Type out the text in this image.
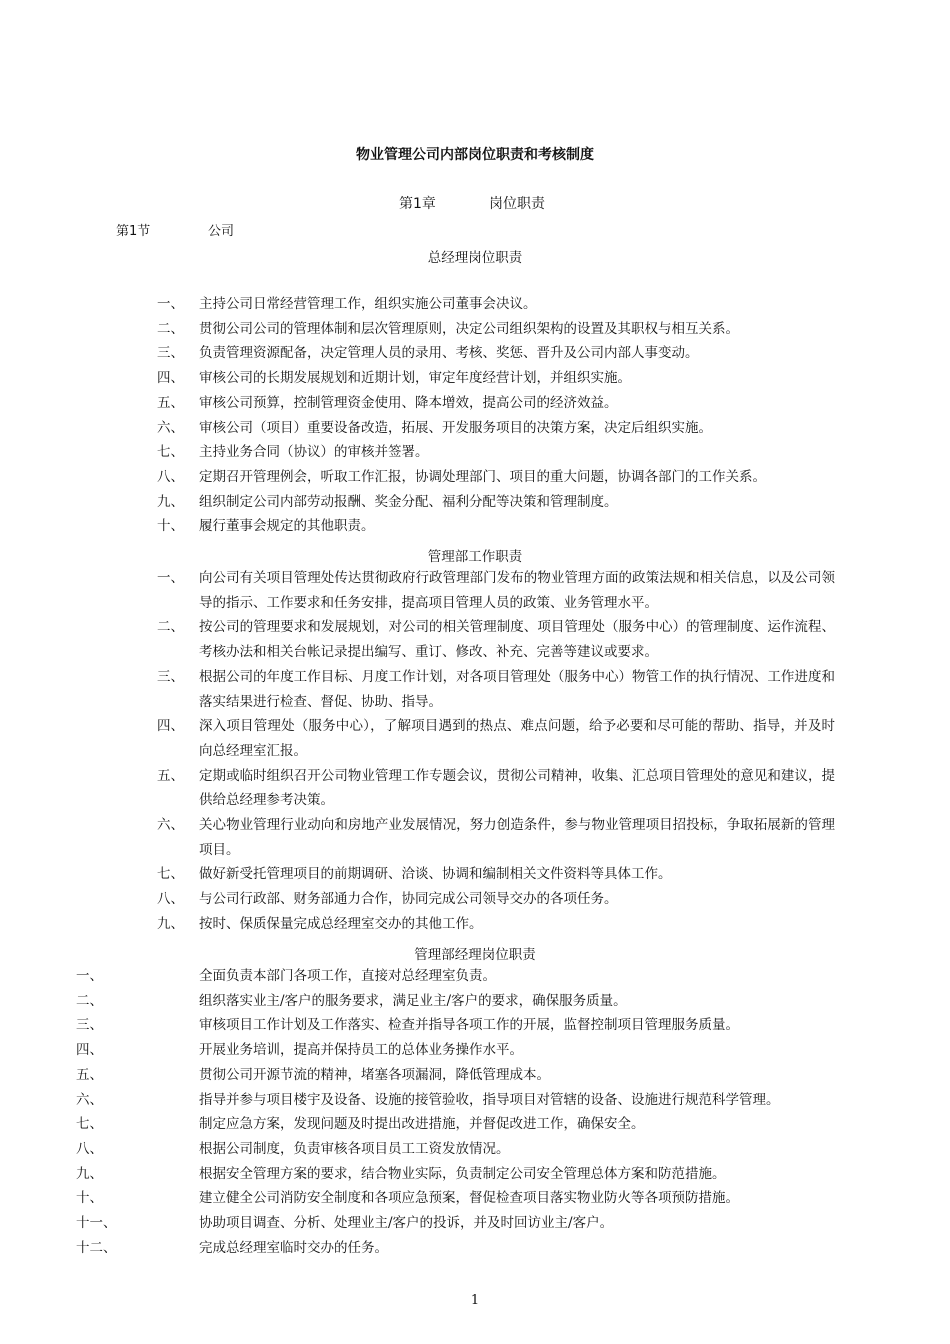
物业管理公司内部岗位职责和考核制度
第1章	岗位职责
第1节	公司
总经理岗位职责
一、 主持公司日常经营管理工作，组织实施公司董事会决议。
二、 贯彻公司公司的管理体制和层次管理原则，决定公司组织架构的设置及其职权与相互关系。
三、 负责管理资源配备，决定管理人员的录用、考核、奖惩、晋升及公司内部人事变动。
四、 审核公司的长期发展规划和近期计划，审定年度经营计划，并组织实施。
五、 审核公司预算，控制管理资金使用、降本增效，提高公司的经济效益。
六、 审核公司（项目）重要设备改造，拓展、开发服务项目的决策方案，决定后组织实施。
七、 主持业务合同（协议）的审核并签署。
八、 定期召开管理例会，听取工作汇报，协调处理部门、项目的重大问题，协调各部门的工作关系。
九、 组织制定公司内部劳动报酬、奖金分配、福利分配等决策和管理制度。
十、 履行董事会规定的其他职责。
管理部工作职责
一、 向公司有关项目管理处传达贯彻政府行政管理部门发布的物业管理方面的政策法规和相关信息，以及公司领导的指示、工作要求和任务安排，提高项目管理人员的政策、业务管理水平。
二、 按公司的管理要求和发展规划，对公司的相关管理制度、项目管理处（服务中心）的管理制度、运作流程、考核办法和相关台帐记录提出编写、重订、修改、补充、完善等建议或要求。
三、 根据公司的年度工作目标、月度工作计划，对各项目管理处（服务中心）物管工作的执行情况、工作进度和落实结果进行检查、督促、协助、指导。
四、 深入项目管理处（服务中心），了解项目遇到的热点、难点问题，给予必要和尽可能的帮助、指导，并及时向总经理室汇报。
五、 定期或临时组织召开公司物业管理工作专题会议，贯彻公司精神，收集、汇总项目管理处的意见和建议，提供给总经理参考决策。
六、 关心物业管理行业动向和房地产业发展情况，努力创造条件，参与物业管理项目招投标，争取拓展新的管理项目。
七、 做好新受托管理项目的前期调研、洽谈、协调和编制相关文件资料等具体工作。
八、 与公司行政部、财务部通力合作，协同完成公司领导交办的各项任务。
九、 按时、保质保量完成总经理室交办的其他工作。
管理部经理岗位职责
一、	全面负责本部门各项工作，直接对总经理室负责。
二、	组织落实业主/客户的服务要求，满足业主/客户的要求，确保服务质量。
三、	审核项目工作计划及工作落实、检查并指导各项工作的开展，监督控制项目管理服务质量。
四、	开展业务培训，提高并保持员工的总体业务操作水平。
五、	贯彻公司开源节流的精神，堵塞各项漏洞，降低管理成本。
六、	指导并参与项目楼宇及设备、设施的接管验收，指导项目对管辖的设备、设施进行规范科学管理。
七、	制定应急方案，发现问题及时提出改进措施，并督促改进工作，确保安全。
八、	根据公司制度，负责审核各项目员工工资发放情况。
九、	根据安全管理方案的要求，结合物业实际，负责制定公司安全管理总体方案和防范措施。
十、	建立健全公司消防安全制度和各项应急预案，督促检查项目落实物业防火等各项预防措施。
十一、	协助项目调查、分析、处理业主/客户的投诉，并及时回访业主/客户。
十二、	完成总经理室临时交办的任务。
1
